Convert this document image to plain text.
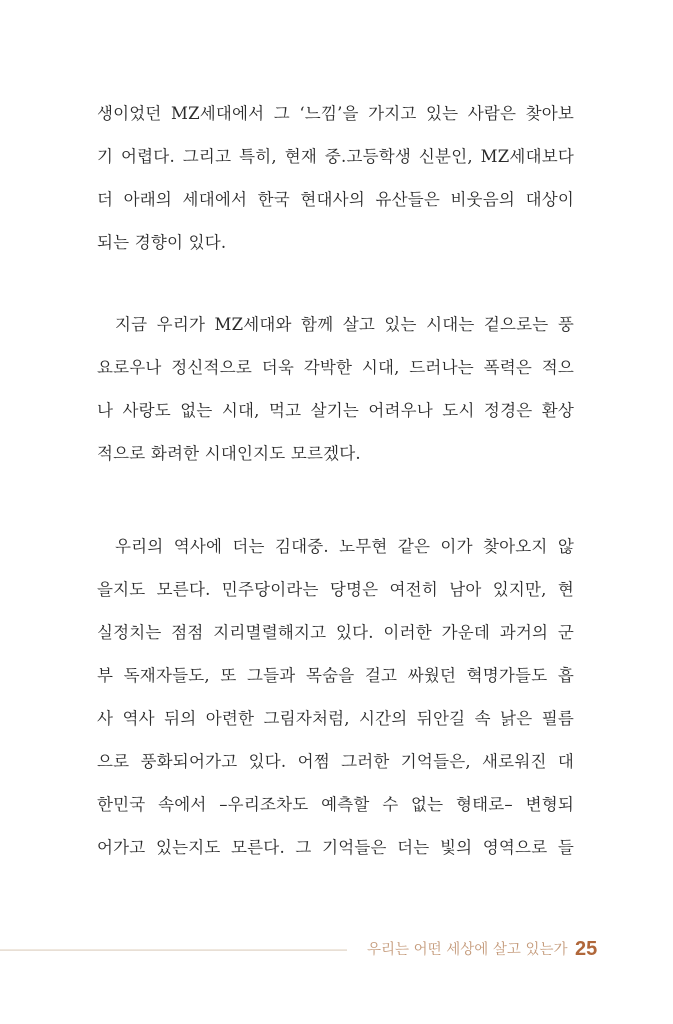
생이었던 MZ세대에서 그 ‘느낌’을 가지고 있는 사람은 찾아보
기 어렵다. 그리고 특히, 현재 중.고등학생 신분인, MZ세대보다
더 아래의 세대에서 한국 현대사의 유산들은 비웃음의 대상이
되는 경향이 있다.
지금 우리가 MZ세대와 함께 살고 있는 시대는 겉으로는 풍
요로우나 정신적으로 더욱 각박한 시대, 드러나는 폭력은 적으
나 사랑도 없는 시대, 먹고 살기는 어려우나 도시 정경은 환상
적으로 화려한 시대인지도 모르겠다.
우리의 역사에 더는 김대중. 노무현 같은 이가 찾아오지 않
을지도 모른다. 민주당이라는 당명은 여전히 남아 있지만, 현
실정치는 점점 지리멸렬해지고 있다. 이러한 가운데 과거의 군
부 독재자들도, 또 그들과 목숨을 걸고 싸웠던 혁명가들도 흡
사 역사 뒤의 아련한 그림자처럼, 시간의 뒤안길 속 낡은 필름
으로 풍화되어가고 있다. 어쩜 그러한 기억들은, 새로워진 대
한민국 속에서 –우리조차도 예측할 수 없는 형태로– 변형되
어가고 있는지도 모른다. 그 기억들은 더는 빛의 영역으로 들
우리는 어떤 세상에 살고 있는가 25
